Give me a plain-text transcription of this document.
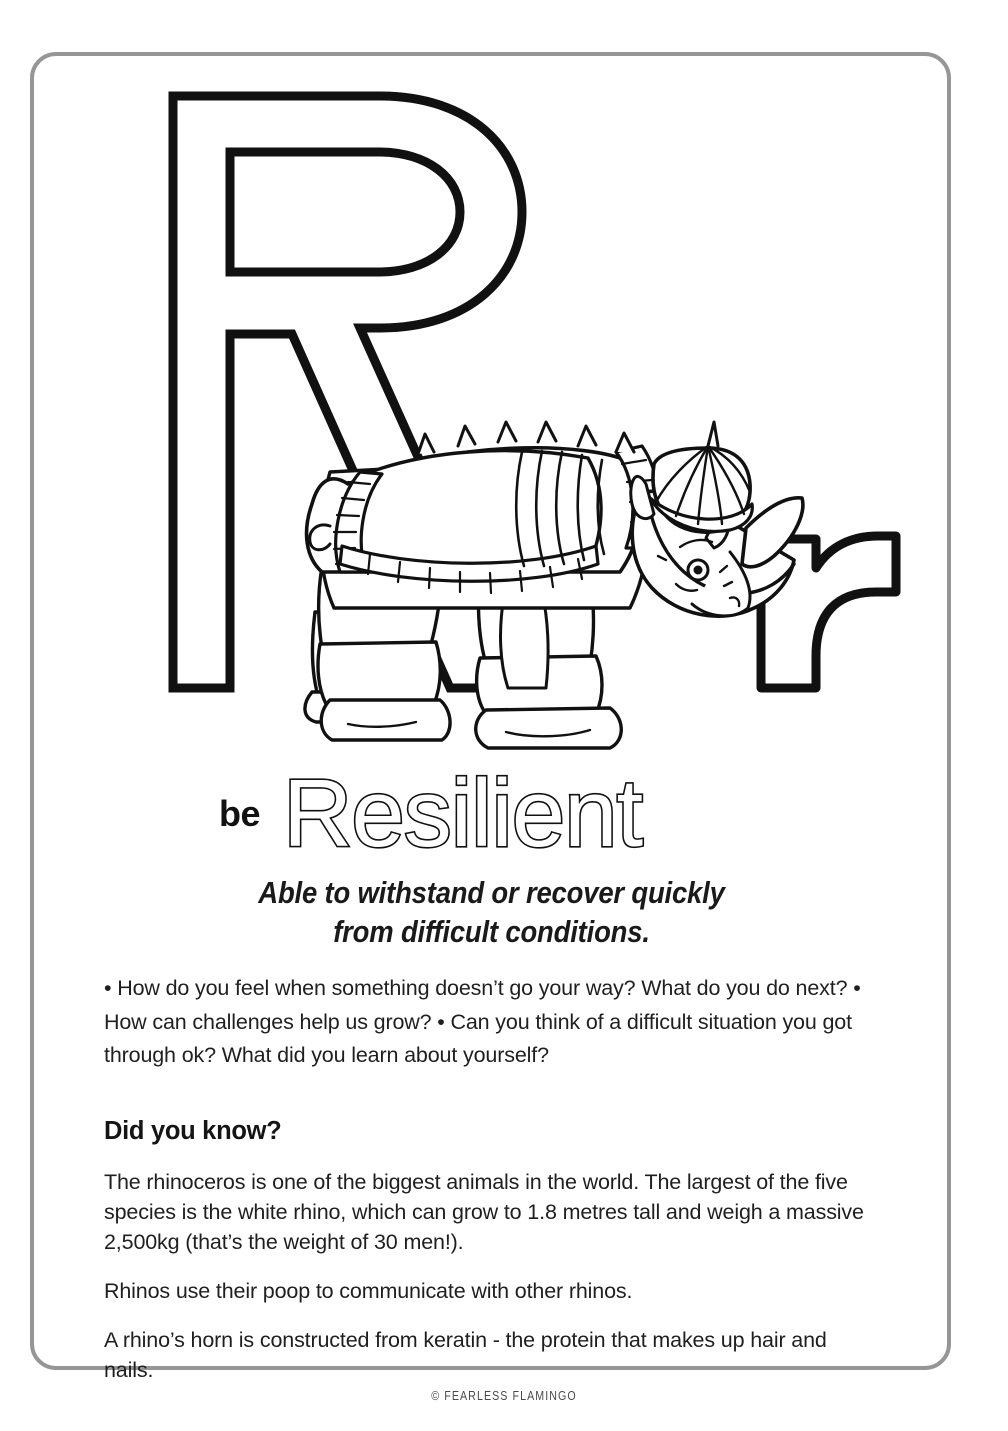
be Resilient
Able to withstand or recover quickly
from difficult conditions.

• How do you feel when something doesn’t go your way? What do you do next? • How can challenges help us grow? • Can you think of a difficult situation you got through ok? What did you learn about yourself?

Did you know?

The rhinoceros is one of the biggest animals in the world. The largest of the five species is the white rhino, which can grow to 1.8 metres tall and weigh a massive 2,500kg (that’s the weight of 30 men!).

Rhinos use their poop to communicate with other rhinos.

A rhino’s horn is constructed from keratin - the protein that makes up hair and nails.

© FEARLESS FLAMINGO
